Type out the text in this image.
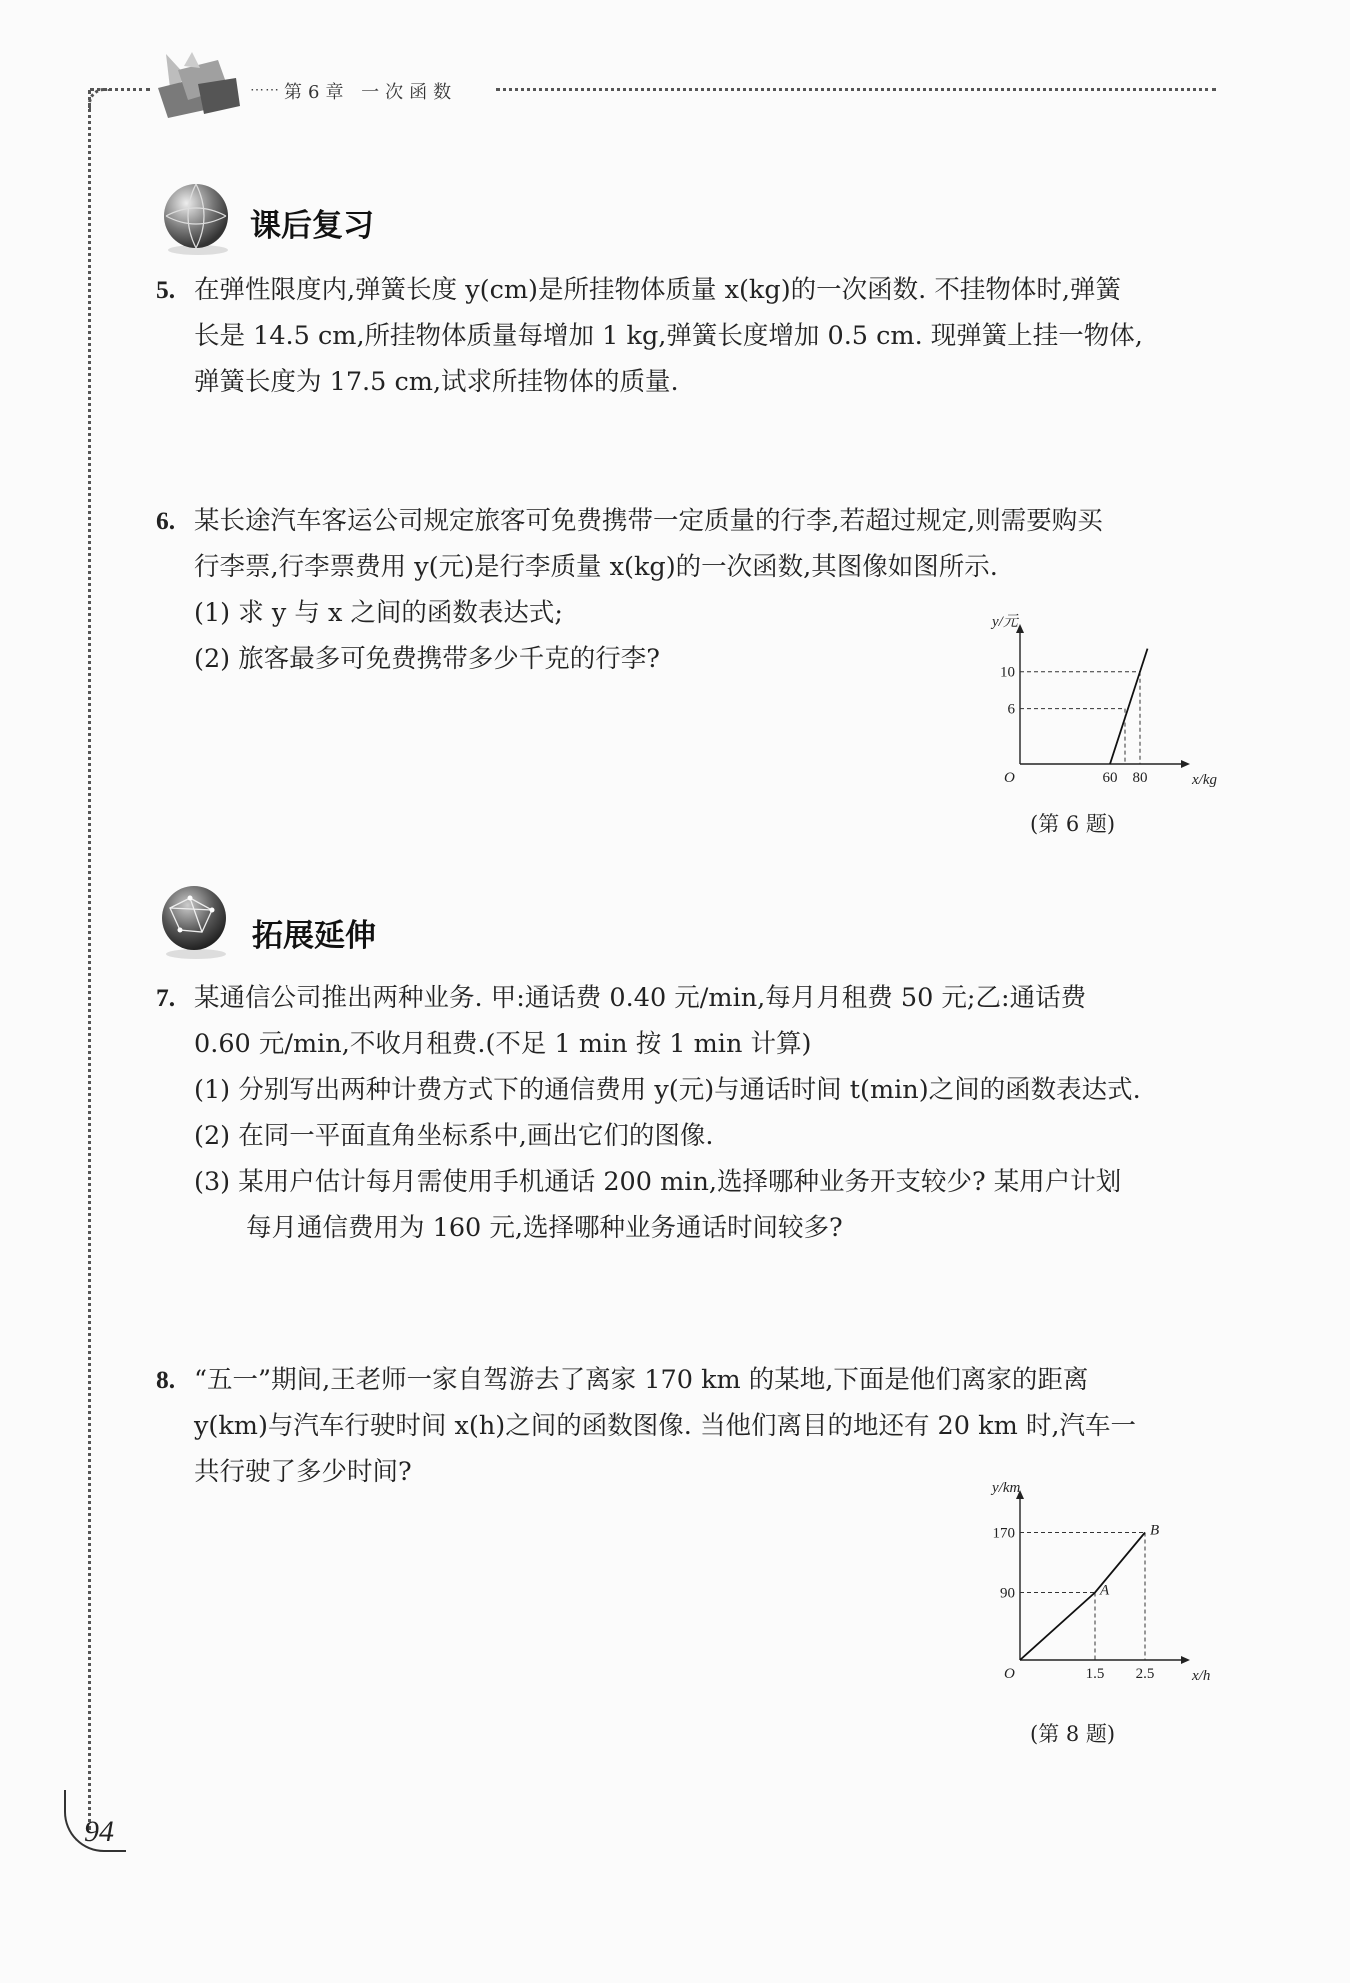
第6章 一次函数
⋯⋯
课后复习
5. 在弹性限度内,弹簧长度 y(cm)是所挂物体质量 x(kg)的一次函数. 不挂物体时,弹簧
长是 14.5 cm,所挂物体质量每增加 1 kg,弹簧长度增加 0.5 cm. 现弹簧上挂一物体,
弹簧长度为 17.5 cm,试求所挂物体的质量.
6. 某长途汽车客运公司规定旅客可免费携带一定质量的行李,若超过规定,则需要购买
行李票,行李票费用 y(元)是行李质量 x(kg)的一次函数,其图像如图所示.
(1) 求 y 与 x 之间的函数表达式;
(2) 旅客最多可免费携带多少千克的行李?
x/kg
y/元
O	60 80
6
10
(第 6 题)
拓展延伸
7. 某通信公司推出两种业务. 甲:通话费 0.40 元/min,每月月租费 50 元;乙:通话费
0.60 元/min,不收月租费.(不足 1 min 按 1 min 计算)
(1) 分别写出两种计费方式下的通信费用 y(元)与通话时间 t(min)之间的函数表达式.
(2) 在同一平面直角坐标系中,画出它们的图像.
(3) 某用户估计每月需使用手机通话 200 min,选择哪种业务开支较少? 某用户计划
每月通信费用为 160 元,选择哪种业务通话时间较多?
8. “五一”期间,王老师一家自驾游去了离家 170 km 的某地,下面是他们离家的距离
y(km)与汽车行驶时间 x(h)之间的函数图像. 当他们离目的地还有 20 km 时,汽车一
共行驶了多少时间?
x/h
y/km
O	1.5 2.5
90
170
A
B
(第 8 题)
94
